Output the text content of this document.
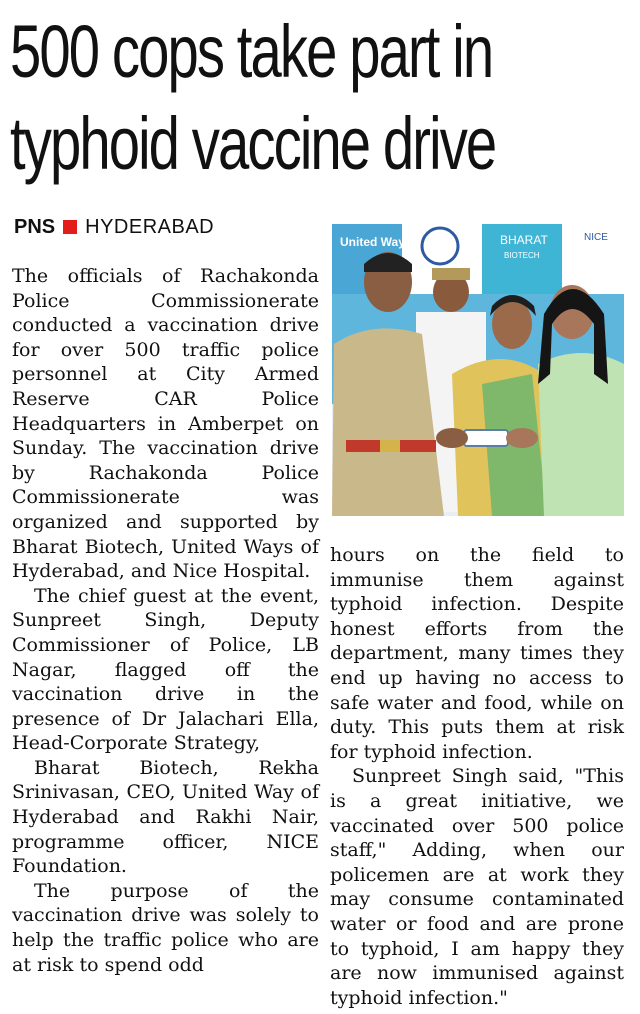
500 cops take part in
typhoid vaccine drive
PNS HYDERABAD

The officials of Rachakonda Police Commissionerate conducted a vaccination drive for over 500 traffic police personnel at City Armed Reserve CAR Police Headquarters in Amberpet on Sunday. The vaccination drive by Rachakonda Police Commissionerate was organized and supported by Bharat Biotech, United Ways of Hyderabad, and Nice Hospital.

The chief guest at the event, Sunpreet Singh, Deputy Commissioner of Police, LB Nagar, flagged off the vaccination drive in the presence of Dr Jalachari Ella, Head-Corporate Strategy,

Bharat Biotech, Rekha Srinivasan, CEO, United Way of Hyderabad and Rakhi Nair, programme officer, NICE Foundation.

The purpose of the vaccination drive was solely to help the traffic police who are at risk to spend odd

United Way	BHARAT
BIOTECH
NICE

hours on the field to immunise them against typhoid infection. Despite honest efforts from the department, many times they end up having no access to safe water and food, while on duty. This puts them at risk for typhoid infection.

Sunpreet Singh said, "This is a great initiative, we vaccinated over 500 police staff," Adding, when our policemen are at work they may consume contaminated water or food and are prone to typhoid, I am happy they are now immunised against typhoid infection."
